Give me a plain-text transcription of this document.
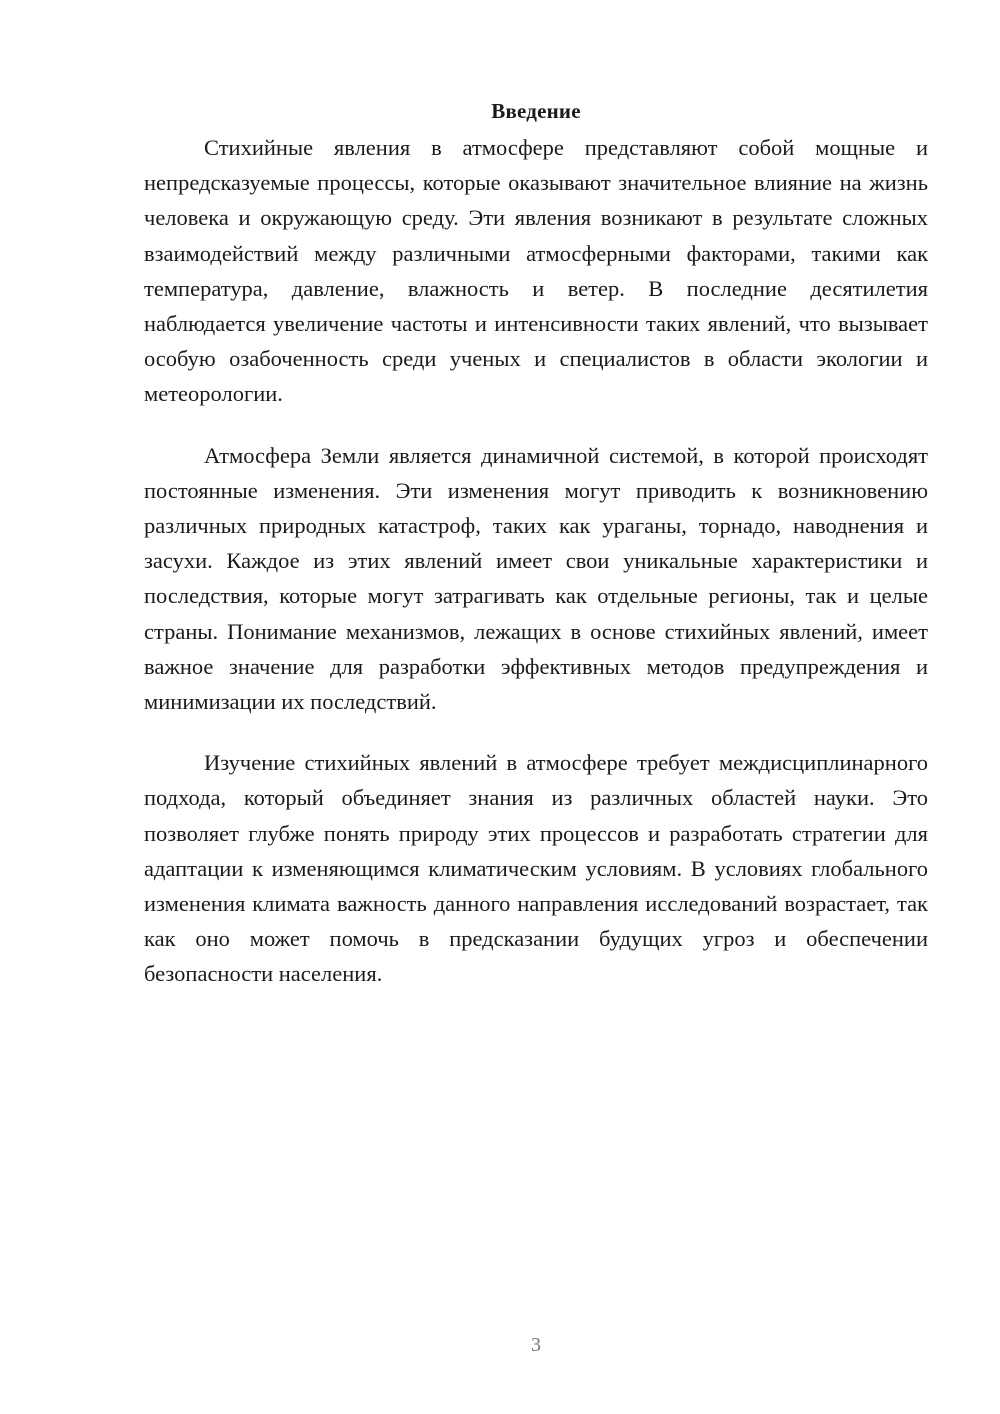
Введение

Стихийные явления в атмосфере представляют собой мощные и непредсказуемые процессы, которые оказывают значительное влияние на жизнь человека и окружающую среду. Эти явления возникают в результате сложных взаимодействий между различными атмосферными факторами, такими как температура, давление, влажность и ветер. В последние десятилетия наблюдается увеличение частоты и интенсивности таких явлений, что вызывает особую озабоченность среди ученых и специалистов в области экологии и метеорологии.

Атмосфера Земли является динамичной системой, в которой происходят постоянные изменения. Эти изменения могут приводить к возникновению различных природных катастроф, таких как ураганы, торнадо, наводнения и засухи. Каждое из этих явлений имеет свои уникальные характеристики и последствия, которые могут затрагивать как отдельные регионы, так и целые страны. Понимание механизмов, лежащих в основе стихийных явлений, имеет важное значение для разработки эффективных методов предупреждения и минимизации их последствий.

Изучение стихийных явлений в атмосфере требует междисциплинарного подхода, который объединяет знания из различных областей науки. Это позволяет глубже понять природу этих процессов и разработать стратегии для адаптации к изменяющимся климатическим условиям. В условиях глобального изменения климата важность данного направления исследований возрастает, так как оно может помочь в предсказании будущих угроз и обеспечении безопасности населения.

3
